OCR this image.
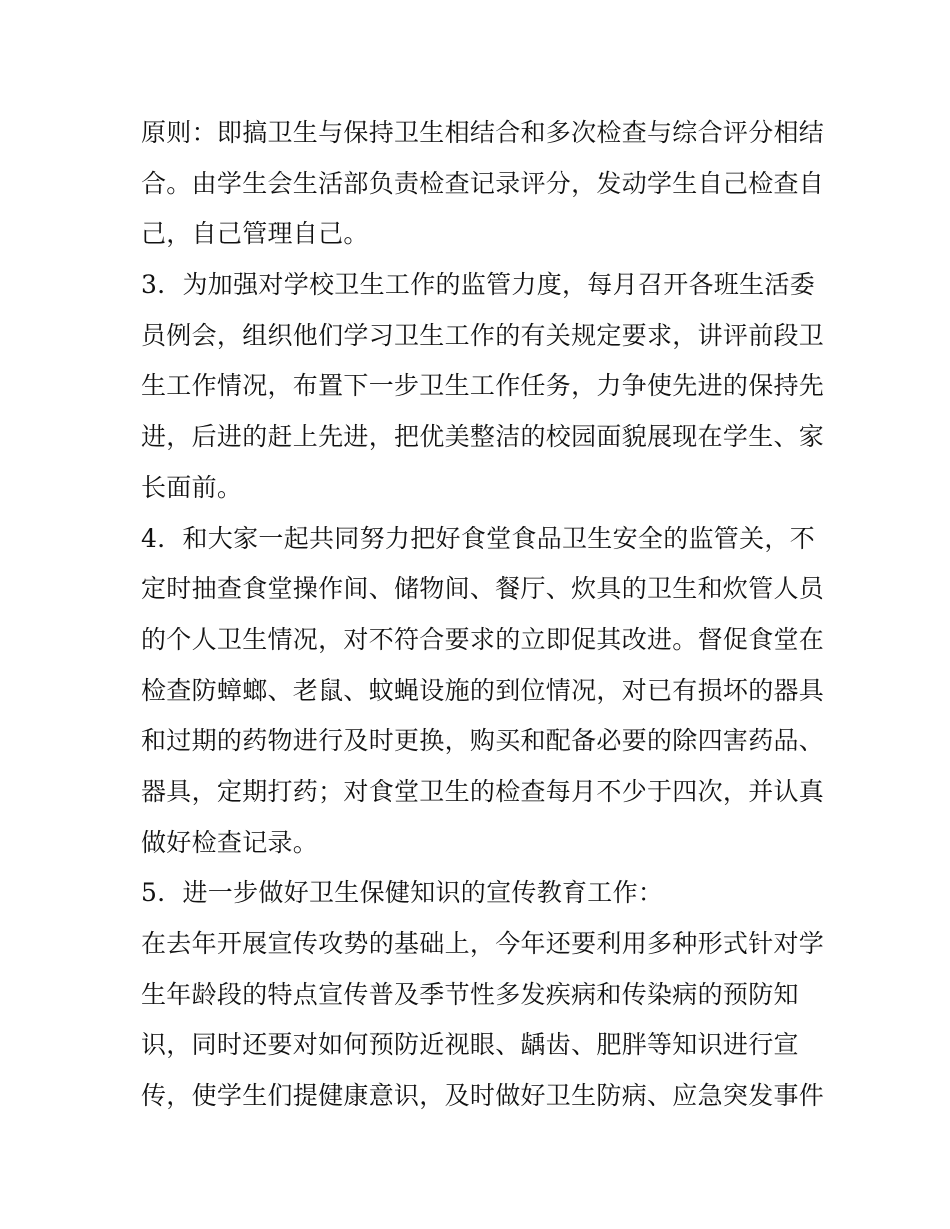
原则：即搞卫生与保持卫生相结合和多次检查与综合评分相结
合。由学生会生活部负责检查记录评分，发动学生自己检查自
己，自己管理自己。
3．为加强对学校卫生工作的监管力度，每月召开各班生活委
员例会，组织他们学习卫生工作的有关规定要求，讲评前段卫
生工作情况，布置下一步卫生工作任务，力争使先进的保持先
进，后进的赶上先进，把优美整洁的校园面貌展现在学生、家
长面前。
4．和大家一起共同努力把好食堂食品卫生安全的监管关，不
定时抽查食堂操作间、储物间、餐厅、炊具的卫生和炊管人员
的个人卫生情况，对不符合要求的立即促其改进。督促食堂在
检查防蟑螂、老鼠、蚊蝇设施的到位情况，对已有损坏的器具
和过期的药物进行及时更换，购买和配备必要的除四害药品、
器具，定期打药；对食堂卫生的检查每月不少于四次，并认真
做好检查记录。
5．进一步做好卫生保健知识的宣传教育工作：
在去年开展宣传攻势的基础上，今年还要利用多种形式针对学
生年龄段的特点宣传普及季节性多发疾病和传染病的预防知
识，同时还要对如何预防近视眼、龋齿、肥胖等知识进行宣
传，使学生们提健康意识，及时做好卫生防病、应急突发事件
